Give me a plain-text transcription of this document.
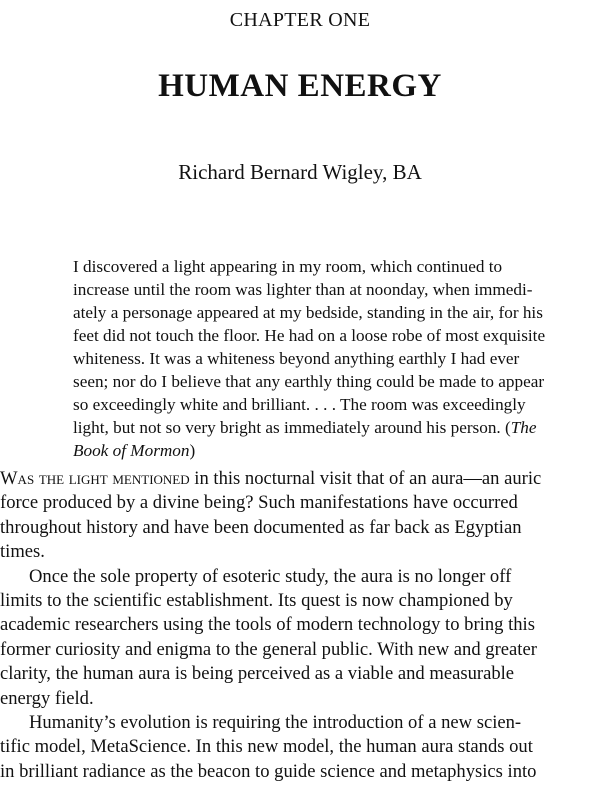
CHAPTER ONE
HUMAN ENERGY
Richard Bernard Wigley, BA
I discovered a light appearing in my room, which continued to
increase until the room was lighter than at noonday, when immedi-
ately a personage appeared at my bedside, standing in the air, for his
feet did not touch the floor. He had on a loose robe of most exquisite
whiteness. It was a whiteness beyond anything earthly I had ever
seen; nor do I believe that any earthly thing could be made to appear
so exceedingly white and brilliant. . . . The room was exceedingly
light, but not so very bright as immediately around his person. (The
Book of Mormon)
Was the light mentioned in this nocturnal visit that of an aura—an auric
force produced by a divine being? Such manifestations have occurred
throughout history and have been documented as far back as Egyptian
times.
Once the sole property of esoteric study, the aura is no longer off
limits to the scientific establishment. Its quest is now championed by
academic researchers using the tools of modern technology to bring this
former curiosity and enigma to the general public. With new and greater
clarity, the human aura is being perceived as a viable and measurable
energy field.
Humanity’s evolution is requiring the introduction of a new scien-
tific model, MetaScience. In this new model, the human aura stands out
in brilliant radiance as the beacon to guide science and metaphysics into
